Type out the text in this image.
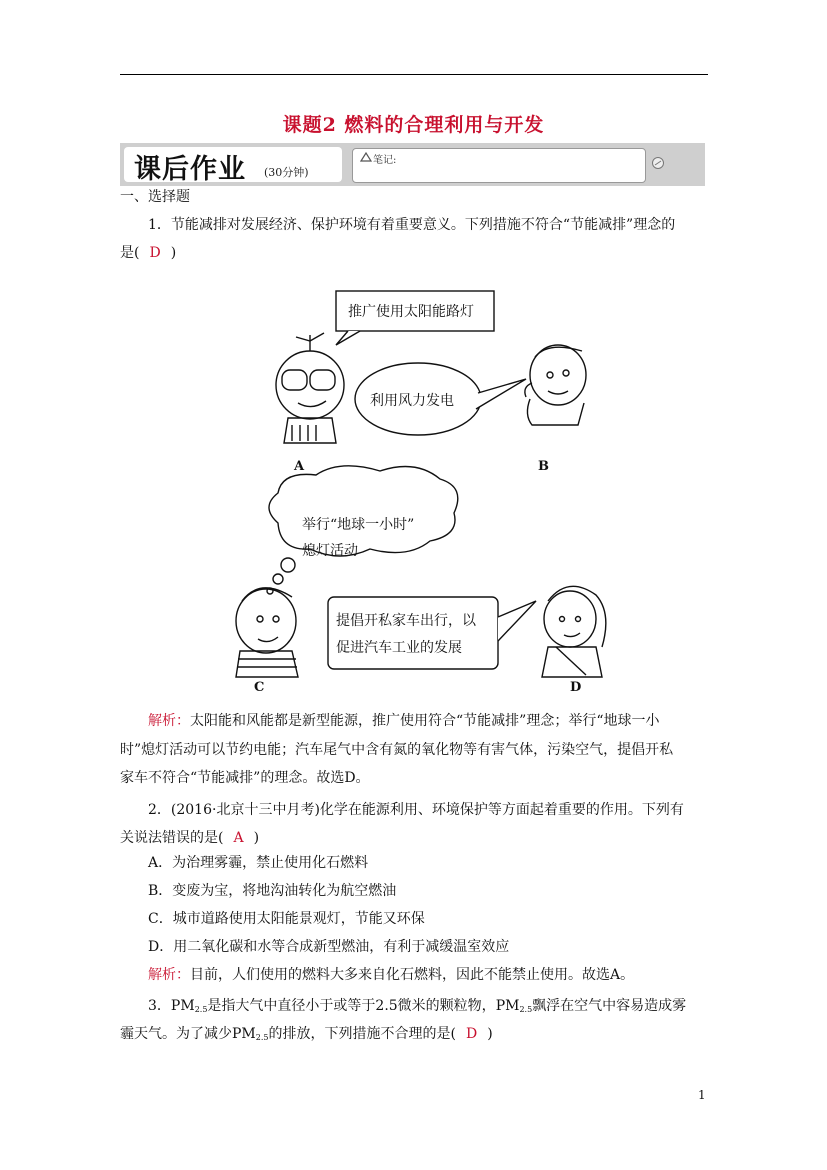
课题2 燃料的合理利用与开发
课后作业 (30分钟)
笔记:
一、选择题
1．节能减排对发展经济、保护环境有着重要意义。下列措施不符合“节能减排”理念的
是( D )
推广使用太阳能路灯
利用风力发电
举行“地球一小时”
熄灯活动
提倡开私家车出行，以
促进汽车工业的发展
A	B
C	D
解析：太阳能和风能都是新型能源，推广使用符合“节能减排”理念；举行“地球一小
时”熄灯活动可以节约电能；汽车尾气中含有氮的氧化物等有害气体，污染空气，提倡开私
家车不符合“节能减排”的理念。故选D。
2．(2016·北京十三中月考)化学在能源利用、环境保护等方面起着重要的作用。下列有
关说法错误的是( A )
A．为治理雾霾，禁止使用化石燃料
B．变废为宝，将地沟油转化为航空燃油
C．城市道路使用太阳能景观灯，节能又环保
D．用二氧化碳和水等合成新型燃油，有利于减缓温室效应
解析：目前，人们使用的燃料大多来自化石燃料，因此不能禁止使用。故选A。
3．$PM_{2.5}$是指大气中直径小于或等于2.5微米的颗粒物，$PM_{2.5}$飘浮在空气中容易造成雾
霾天气。为了减少$PM_{2.5}$的排放，下列措施不合理的是( D )
1
